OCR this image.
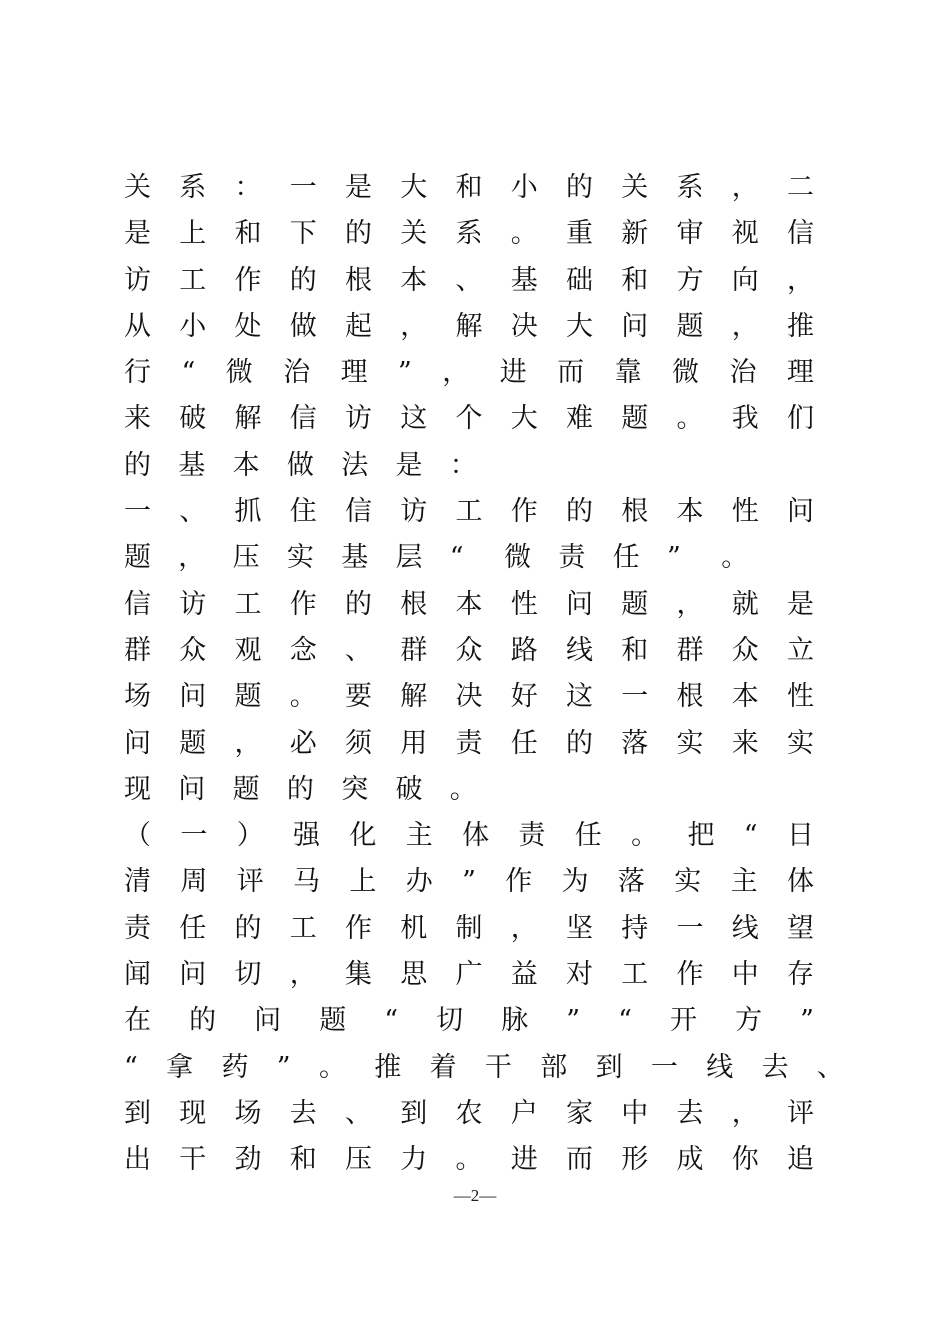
关 系 ： 一 是 大 和 小 的 关 系 ， 二
是 上 和 下 的 关 系 。 重 新 审 视 信
访 工 作 的 根 本 、 基 础 和 方 向 ，
从 小 处 做 起 ， 解 决 大 问 题 ， 推
行 “ 微 治 理 ” ， 进 而 靠 微 治 理
来 破 解 信 访 这 个 大 难 题 。 我 们
的	基	本	做	法	是	：
一 、 抓 住 信 访 工 作 的 根 本 性 问
题	，	压	实	基	层	“	微	责	任	”	。
信 访 工 作 的 根 本 性 问 题 ， 就 是
群 众 观 念 、 群 众 路 线 和 群 众 立
场 问 题 。 要 解 决 好 这 一 根 本 性
问 题 ， 必 须 用 责 任 的 落 实 来 实
现	问	题	的	突	破	。
（ 一 ） 强 化 主 体 责 任 。 把 “ 日
清 周 评 马 上 办 ” 作 为 落 实 主 体
责 任 的 工 作 机 制 ， 坚 持 一 线 望
闻 问 切 ， 集 思 广 益 对 工 作 中 存
在 的 问 题 “ 切 脉 ” “ 开 方 ”
“ 拿 药 ” 。 推 着 干 部 到 一 线 去 、
到 现 场 去 、 到 农 户 家 中 去 ， 评
出 干 劲 和 压 力 。 进 而 形 成 你 追
—2—
